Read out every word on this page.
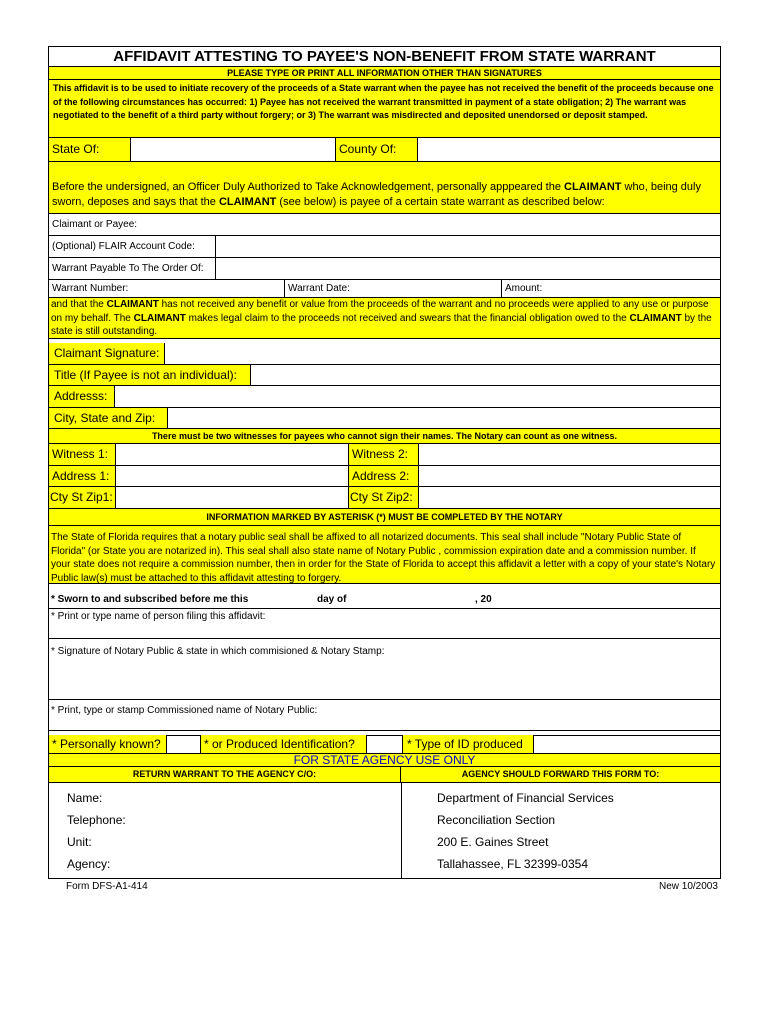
AFFIDAVIT ATTESTING TO PAYEE'S NON-BENEFIT FROM STATE WARRANT
PLEASE TYPE OR PRINT ALL INFORMATION OTHER THAN SIGNATURES
This affidavit is to be used to initiate recovery of the proceeds of a State warrant when the payee has not received the benefit of the proceeds because one of the following circumstances has occurred: 1) Payee has not received the warrant transmitted in payment of a state obligation; 2) The warrant was negotiated to the benefit of a third party without forgery; or 3) The warrant was misdirected and deposited unendorsed or deposit stamped.
State Of:	County Of:
Before the undersigned, an Officer Duly Authorized to Take Acknowledgement, personally apppeared the CLAIMANT who, being duly sworn, deposes and says that the CLAIMANT (see below) is payee of a certain state warrant as described below:
Claimant or Payee:
(Optional) FLAIR Account Code:
Warrant Payable To The Order Of:
Warrant Number:	Warrant Date:	Amount:
and that the CLAIMANT has not received any benefit or value from the proceeds of the warrant and no proceeds were applied to any use or purpose on my behalf. The CLAIMANT makes legal claim to the proceeds not received and swears that the financial obligation owed to the CLAIMANT by the state is still outstanding.
Claimant Signature:
Title (If Payee is not an individual):
Addresss:
City, State and Zip:
There must be two witnesses for payees who cannot sign their names. The Notary can count as one witness.
Witness 1:	Witness 2:
Address 1:	Address 2:
Cty St Zip1:	Cty St Zip2:
INFORMATION MARKED BY ASTERISK (*) MUST BE COMPLETED BY THE NOTARY
The State of Florida requires that a notary public seal shall be affixed to all notarized documents. This seal shall include "Notary Public State of Florida" (or State you are notarized in). This seal shall also state name of Notary Public , commission expiration date and a commission number. If your state does not require a commission number, then in order for the State of Florida to accept this affidavit a letter with a copy of your state's Notary Public law(s) must be attached to this affidavit attesting to forgery.
* Sworn to and subscribed before me this	day of	, 20
* Print or type name of person filing this affidavit:
* Signature of Notary Public & state in which commisioned & Notary Stamp:
* Print, type or stamp Commissioned name of Notary Public:
* Personally known?	* or Produced Identification?	* Type of ID produced
FOR STATE AGENCY USE ONLY
RETURN WARRANT TO THE AGENCY C/O:	AGENCY SHOULD FORWARD THIS FORM TO:
Name:
Telephone:
Unit:
Agency:
Department of Financial Services
Reconciliation Section
200 E. Gaines Street
Tallahassee, FL 32399-0354
Form DFS-A1-414	New 10/2003
